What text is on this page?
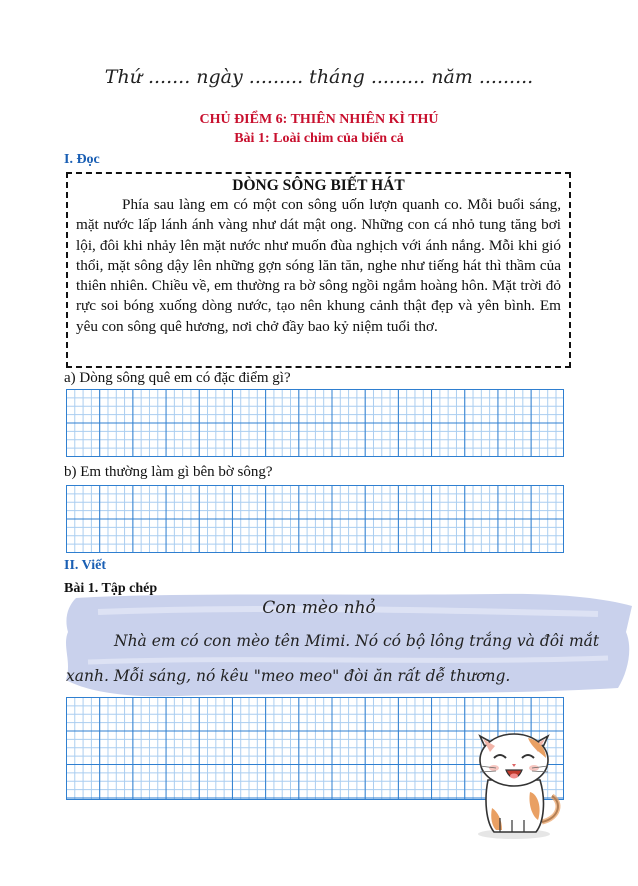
Thứ ....... ngày ......... tháng ......... năm .........
CHỦ ĐIỂM 6: THIÊN NHIÊN KÌ THÚ
Bài 1: Loài chim của biển cả
I. Đọc

DÒNG SÔNG BIẾT HÁT

Phía sau làng em có một con sông uốn lượn quanh co. Mỗi buổi sáng, mặt nước lấp lánh ánh vàng như dát mật ong. Những con cá nhỏ tung tăng bơi lội, đôi khi nhảy lên mặt nước như muốn đùa nghịch với ánh nắng. Mỗi khi gió thổi, mặt sông dậy lên những gợn sóng lăn tăn, nghe như tiếng hát thì thầm của thiên nhiên. Chiều về, em thường ra bờ sông ngồi ngắm hoàng hôn. Mặt trời đỏ rực soi bóng xuống dòng nước, tạo nên khung cảnh thật đẹp và yên bình. Em yêu con sông quê hương, nơi chở đầy bao kỷ niệm tuổi thơ.

a) Dòng sông quê em có đặc điểm gì?
b) Em thường làm gì bên bờ sông?
II. Viết
Bài 1. Tập chép
Con mèo nhỏ
Nhà em có con mèo tên Mimi. Nó có bộ lông trắng và đôi mắt
xanh. Mỗi sáng, nó kêu "meo meo" đòi ăn rất dễ thương.
